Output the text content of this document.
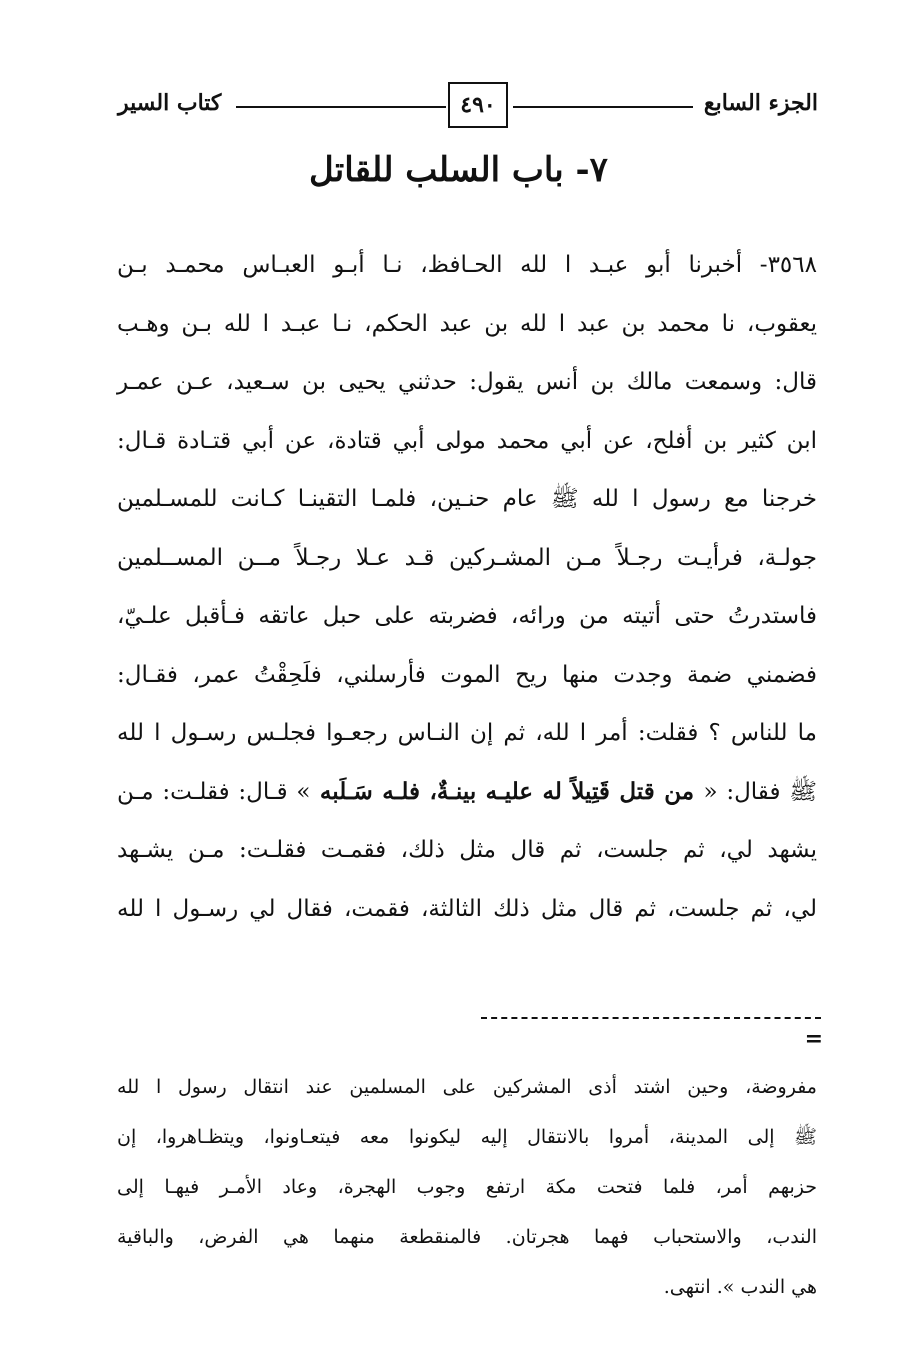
الجزء السابع
٤٩٠
كتاب السير
٧- باب السلب للقاتل
٣٥٦٨- أخبرنا أبو عبـد ا لله الحـافظ، نـا أبـو العبـاس محمـد بـن
يعقوب، نا محمد بن عبد ا لله بن عبد الحكم، نـا عبـد ا لله بـن وهـب
قال: وسمعت مالك بن أنس يقول: حدثني يحيى بن سـعيد، عـن عمـر
ابن كثير بن أفلح، عن أبي محمد مولى أبي قتادة، عن أبي قتـادة قـال:
خرجنا مع رسول ا لله ﷺ عام حنـين، فلمـا التقينـا كـانت للمسـلمين
جولـة، فرأيـت رجـلاً مـن المشـركين قـد عـلا رجـلاً مــن المســلمين
فاستدرتُ حتى أتيته من ورائه، فضربته على حبل عاتقه فـأقبل علـيّ،
فضمني ضمة وجدت منها ريح الموت فأرسلني، فلَحِقْتُ عمر، فقـال:
ما للناس ؟ فقلت: أمر ا لله، ثم إن النـاس رجعـوا فجلـس رسـول ا لله
ﷺ فقال: « من قتل قَتِيلاً له عليـه بينـةٌ، فلـه سَـلَبه » قـال: فقلـت: مـن
يشهد لي، ثم جلست، ثم قال مثل ذلك، فقمـت فقلـت: مـن يشـهد
لي، ثم جلست، ثم قال مثل ذلك الثالثة، فقمت، فقال لي رسـول ا لله
=
مفروضة، وحين اشتد أذى المشركين على المسلمين عند انتقال رسول ا لله
ﷺ إلى المدينة، أمروا بالانتقال إليه ليكونوا معه فيتعـاونوا، ويتظـاهروا، إن
حزبهم أمر، فلما فتحت مكة ارتفع وجوب الهجرة، وعاد الأمـر فيهـا إلى
الندب، والاستحباب فهما هجرتان. فالمنقطعة منهما هي الفرض، والباقية
هي الندب ». انتهى.
